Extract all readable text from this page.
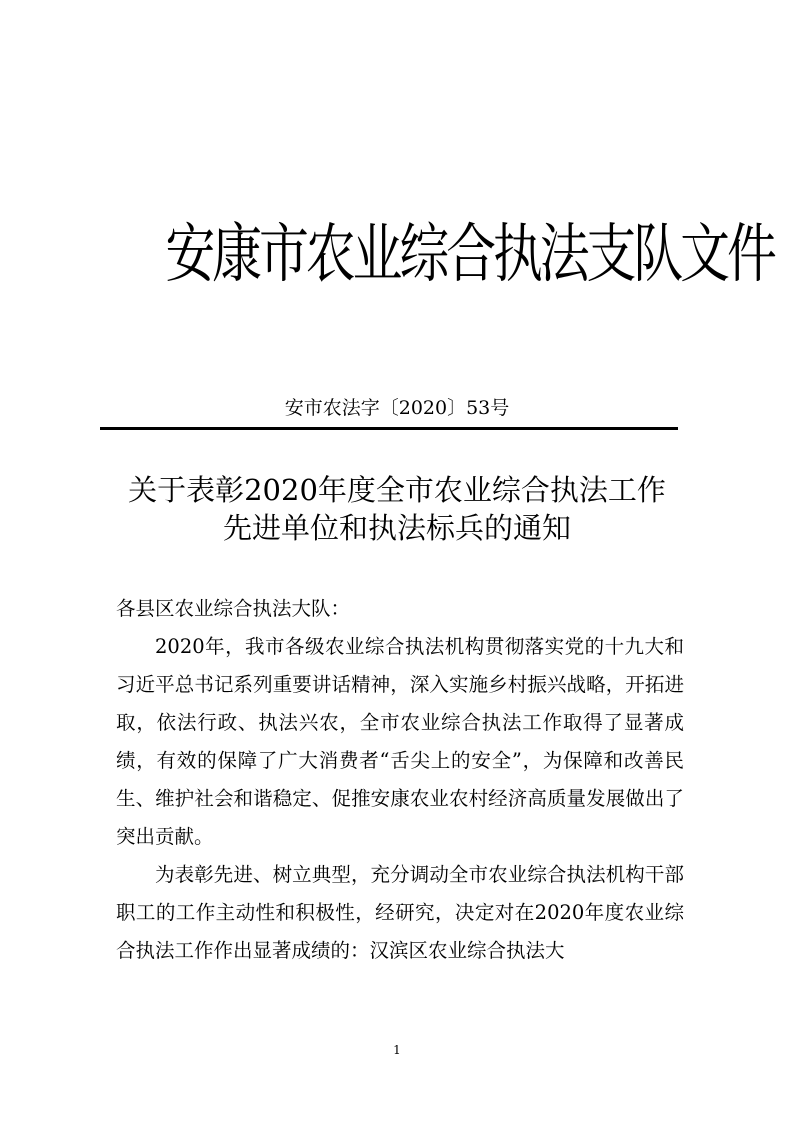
安康市农业综合执法支队文件
安市农法字〔2020〕53号
关于表彰2020年度全市农业综合执法工作
先进单位和执法标兵的通知

各县区农业综合执法大队：

2020年，我市各级农业综合执法机构贯彻落实党的十九大和习近平总书记系列重要讲话精神，深入实施乡村振兴战略，开拓进取，依法行政、执法兴农，全市农业综合执法工作取得了显著成绩，有效的保障了广大消费者“舌尖上的安全”，为保障和改善民生、维护社会和谐稳定、促推安康农业农村经济高质量发展做出了突出贡献。

为表彰先进、树立典型，充分调动全市农业综合执法机构干部职工的工作主动性和积极性，经研究，决定对在2020年度农业综合执法工作作出显著成绩的：汉滨区农业综合执法大

1
